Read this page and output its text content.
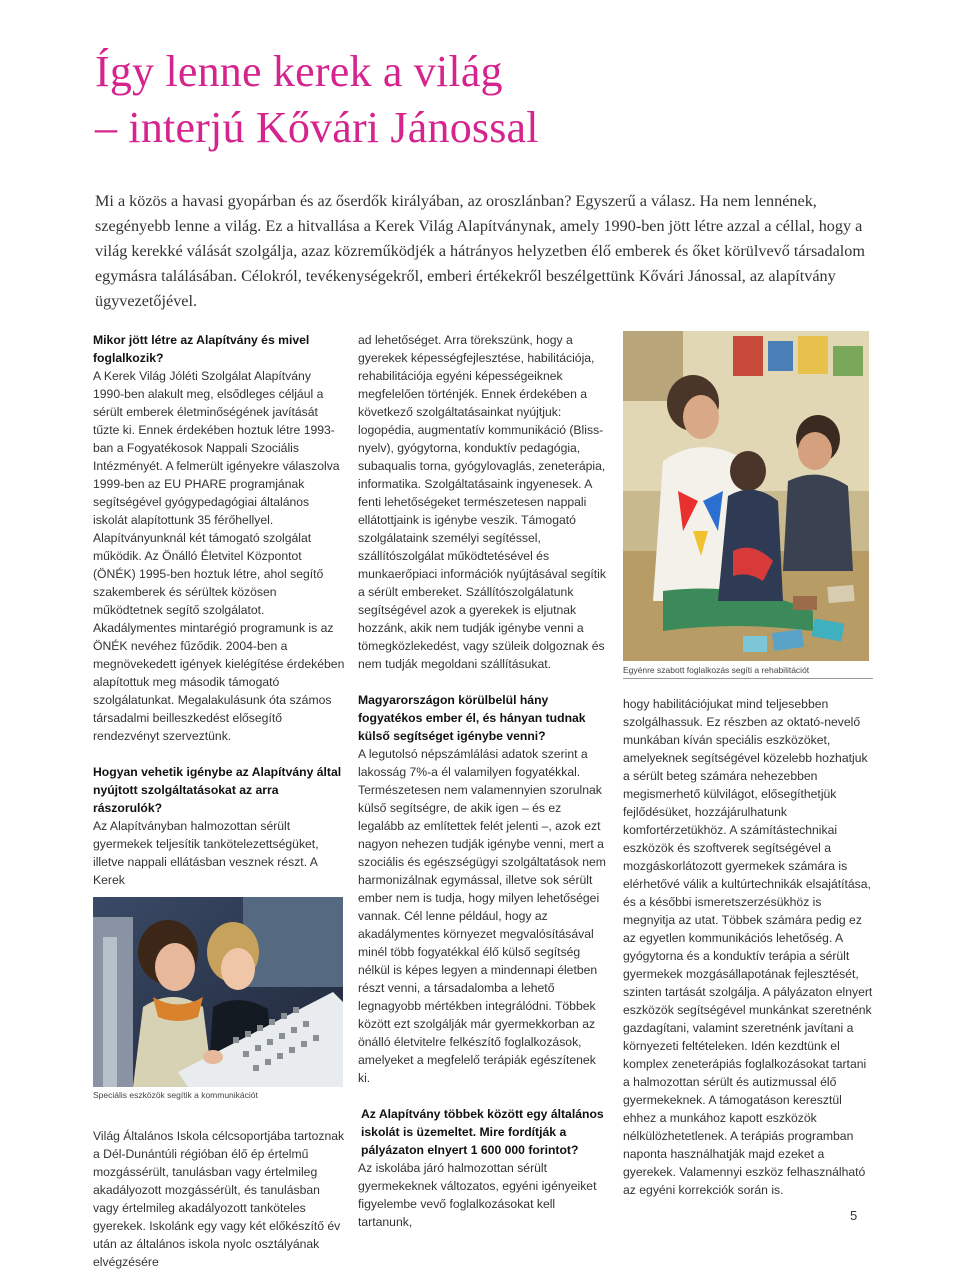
Így lenne kerek a világ
– interjú Kővári Jánossal

Mi a közös a havasi gyopárban és az őserdők királyában, az oroszlánban? Egyszerű a válasz. Ha nem lennének, szegényebb lenne a világ. Ez a hitvallása a Kerek Világ Alapítványnak, amely 1990-ben jött létre azzal a céllal, hogy a világ kerekké válását szolgálja, azaz közreműködjék a hátrányos helyzetben élő emberek és őket körülvevő társadalom egymásra találásában. Célokról, tevékenységekről, emberi értékekről beszélgettünk Kővári Jánossal, az alapítvány ügyvezetőjével.

Mikor jött létre az Alapítvány és mivel foglalkozik?

A Kerek Világ Jóléti Szolgálat Alapítvány 1990-ben alakult meg, elsődleges céljául a sérült emberek életminőségének javítását tűzte ki. Ennek érdekében hoztuk létre 1993-ban a Fogyatékosok Nappali Szociális Intézményét. A felmerült igényekre válaszolva 1999-ben az EU PHARE programjának segítségével gyógypedagógiai általános iskolát alapítottunk 35 férőhellyel. Alapítványunknál két támogató szolgálat működik. Az Önálló Életvitel Központot (ÖNÉK) 1995-ben hoztuk létre, ahol segítő szakemberek és sérültek közösen működtetnek segítő szolgálatot. Akadálymentes mintarégió programunk is az ÖNÉK nevéhez fűződik. 2004-ben a megnövekedett igények kielégítése érdekében alapítottuk meg második támogató szolgálatunkat. Megalakulásunk óta számos társadalmi beilleszkedést elősegítő rendezvényt szerveztünk.

Hogyan vehetik igénybe az Alapítvány által nyújtott szolgáltatásokat az arra rászorulók?

Az Alapítványban halmozottan sérült gyermekek teljesítik tankötelezettségüket, illetve nappali ellátásban vesznek részt. A Kerek

Speciális eszközök segítik a kommunikációt

Világ Általános Iskola célcsoportjába tartoznak a Dél-Dunántúli régióban élő ép értelmű mozgássérült, tanulásban vagy értelmileg akadályozott mozgássérült, és tanulásban vagy értelmileg akadályozott tanköteles gyerekek. Iskolánk egy vagy két előkészítő év után az általános iskola nyolc osztályának elvégzésére

ad lehetőséget. Arra törekszünk, hogy a gyerekek képességfejlesztése, habilitációja, rehabilitációja egyéni képességeiknek megfelelően történjék. Ennek érdekében a következő szolgáltatásainkat nyújtjuk: logopédia, augmentatív kommunikáció (Bliss-nyelv), gyógytorna, konduktív pedagógia, subaqualis torna, gyógylovaglás, zeneterápia, informatika. Szolgáltatásaink ingyenesek. A fenti lehetőségeket természetesen nappali ellátottjaink is igénybe veszik. Támogató szolgálataink személyi segítéssel, szállítószolgálat működtetésével és munkaerőpiaci információk nyújtásával segítik a sérült embereket. Szállítószolgálatunk segítségével azok a gyerekek is eljutnak hozzánk, akik nem tudják igénybe venni a tömegközlekedést, vagy szüleik dolgoznak és nem tudják megoldani szállításukat.

Magyarországon körülbelül hány fogyatékos ember él, és hányan tudnak külső segítséget igénybe venni?

A legutolsó népszámlálási adatok szerint a lakosság 7%-a él valamilyen fogyatékkal. Természetesen nem valamennyien szorulnak külső segítségre, de akik igen – és ez legalább az említettek felét jelenti –, azok ezt nagyon nehezen tudják igénybe venni, mert a szociális és egészségügyi szolgáltatások nem harmonizálnak egymással, illetve sok sérült ember nem is tudja, hogy milyen lehetőségei vannak. Cél lenne például, hogy az akadálymentes környezet megvalósításával minél több fogyatékkal élő külső segítség nélkül is képes legyen a mindennapi életben részt venni, a társadalomba a lehető legnagyobb mértékben integrálódni. Többek között ezt szolgálják már gyermekkorban az önálló életvitelre felkészítő foglalkozások, amelyeket a megfelelő terápiák egészítenek ki.

Az Alapítvány többek között egy általános iskolát is üzemeltet. Mire fordítják a pályázaton elnyert 1 600 000 forintot?

Az iskolába járó halmozottan sérült gyermekeknek változatos, egyéni igényeiket figyelembe vevő foglalkozásokat kell tartanunk,

Egyénre szabott foglalkozás segíti a rehabilitációt

hogy habilitációjukat mind teljesebben szolgálhassuk. Ez részben az oktató-nevelő munkában kíván speciális eszközöket, amelyeknek segítségével közelebb hozhatjuk a sérült beteg számára nehezebben megismerhető külvilágot, elősegíthetjük fejlődésüket, hozzájárulhatunk komfortérzetükhöz. A számítástechnikai eszközök és szoftverek segítségével a mozgáskorlátozott gyermekek számára is elérhetővé válik a kultúrtechnikák elsajátítása, és a későbbi ismeretszerzésükhöz is megnyitja az utat. Többek számára pedig ez az egyetlen kommunikációs lehetőség. A gyógytorna és a konduktív terápia a sérült gyermekek mozgásállapotának fejlesztését, szinten tartását szolgálja. A pályázaton elnyert eszközök segítségével munkánkat szeretnénk gazdagítani, valamint szeretnénk javítani a környezeti feltételeken. Idén kezdtünk el komplex zeneterápiás foglalkozásokat tartani a halmozottan sérült és autizmussal élő gyermekeknek. A támogatáson keresztül ehhez a munkához kapott eszközök nélkülözhetetlenek. A terápiás programban naponta használhatják majd ezeket a gyerekek. Valamennyi eszköz felhasználható az egyéni korrekciók során is.

5
